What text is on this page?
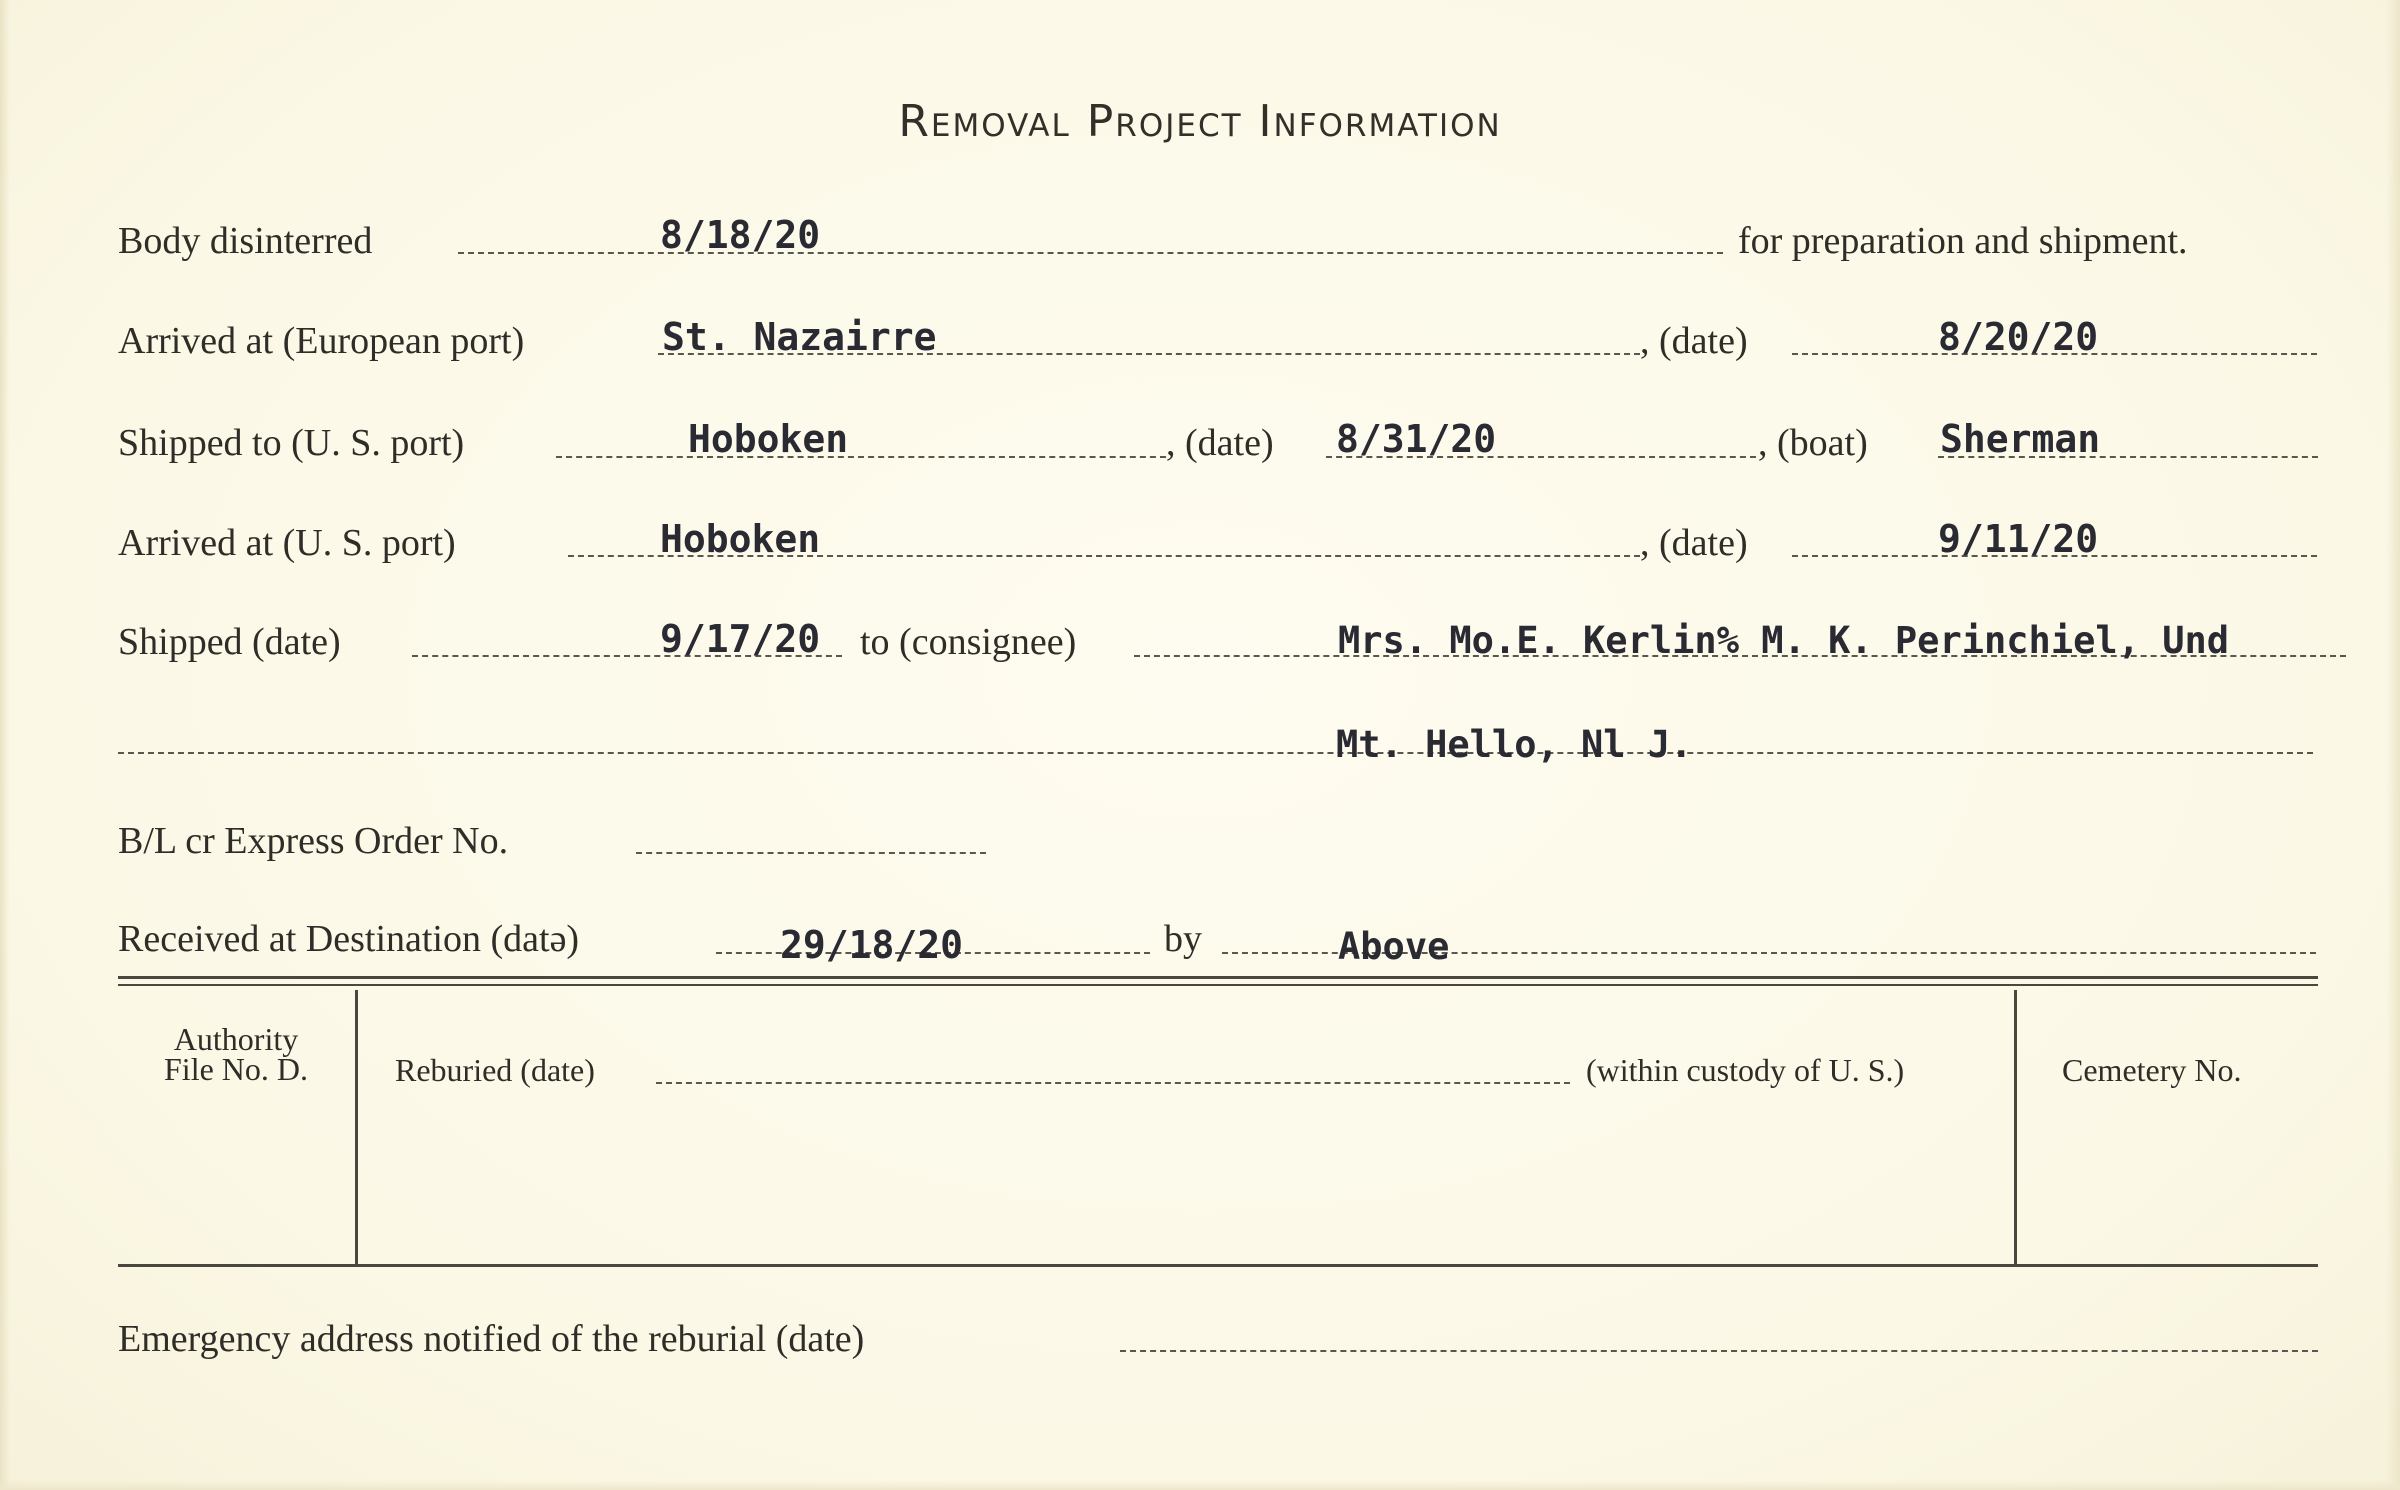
Removal Project Information
Body disinterred	8/18/20	for preparation and shipment.
Arrived at (European port)	St. Nazairre	, (date)	8/20/20
Shipped to (U. S. port)	Hoboken	, (date) 8/31/20	, (boat) Sherman
Arrived at (U. S. port)	Hoboken	, (date)	9/11/20
Shipped (date)	9/17/20 to (consignee)	Mrs. Mo.E. Kerlin% M. K. Perinchiel, Und
Mt. Hello, Nl J.
B/L cr Express Order No.
Received at Destination (datə)	29/18/20	by	Above
Authority
File No. D.	Reburied (date)	(within custody of U. S.)	Cemetery No.
Emergency address notified of the reburial (date)
